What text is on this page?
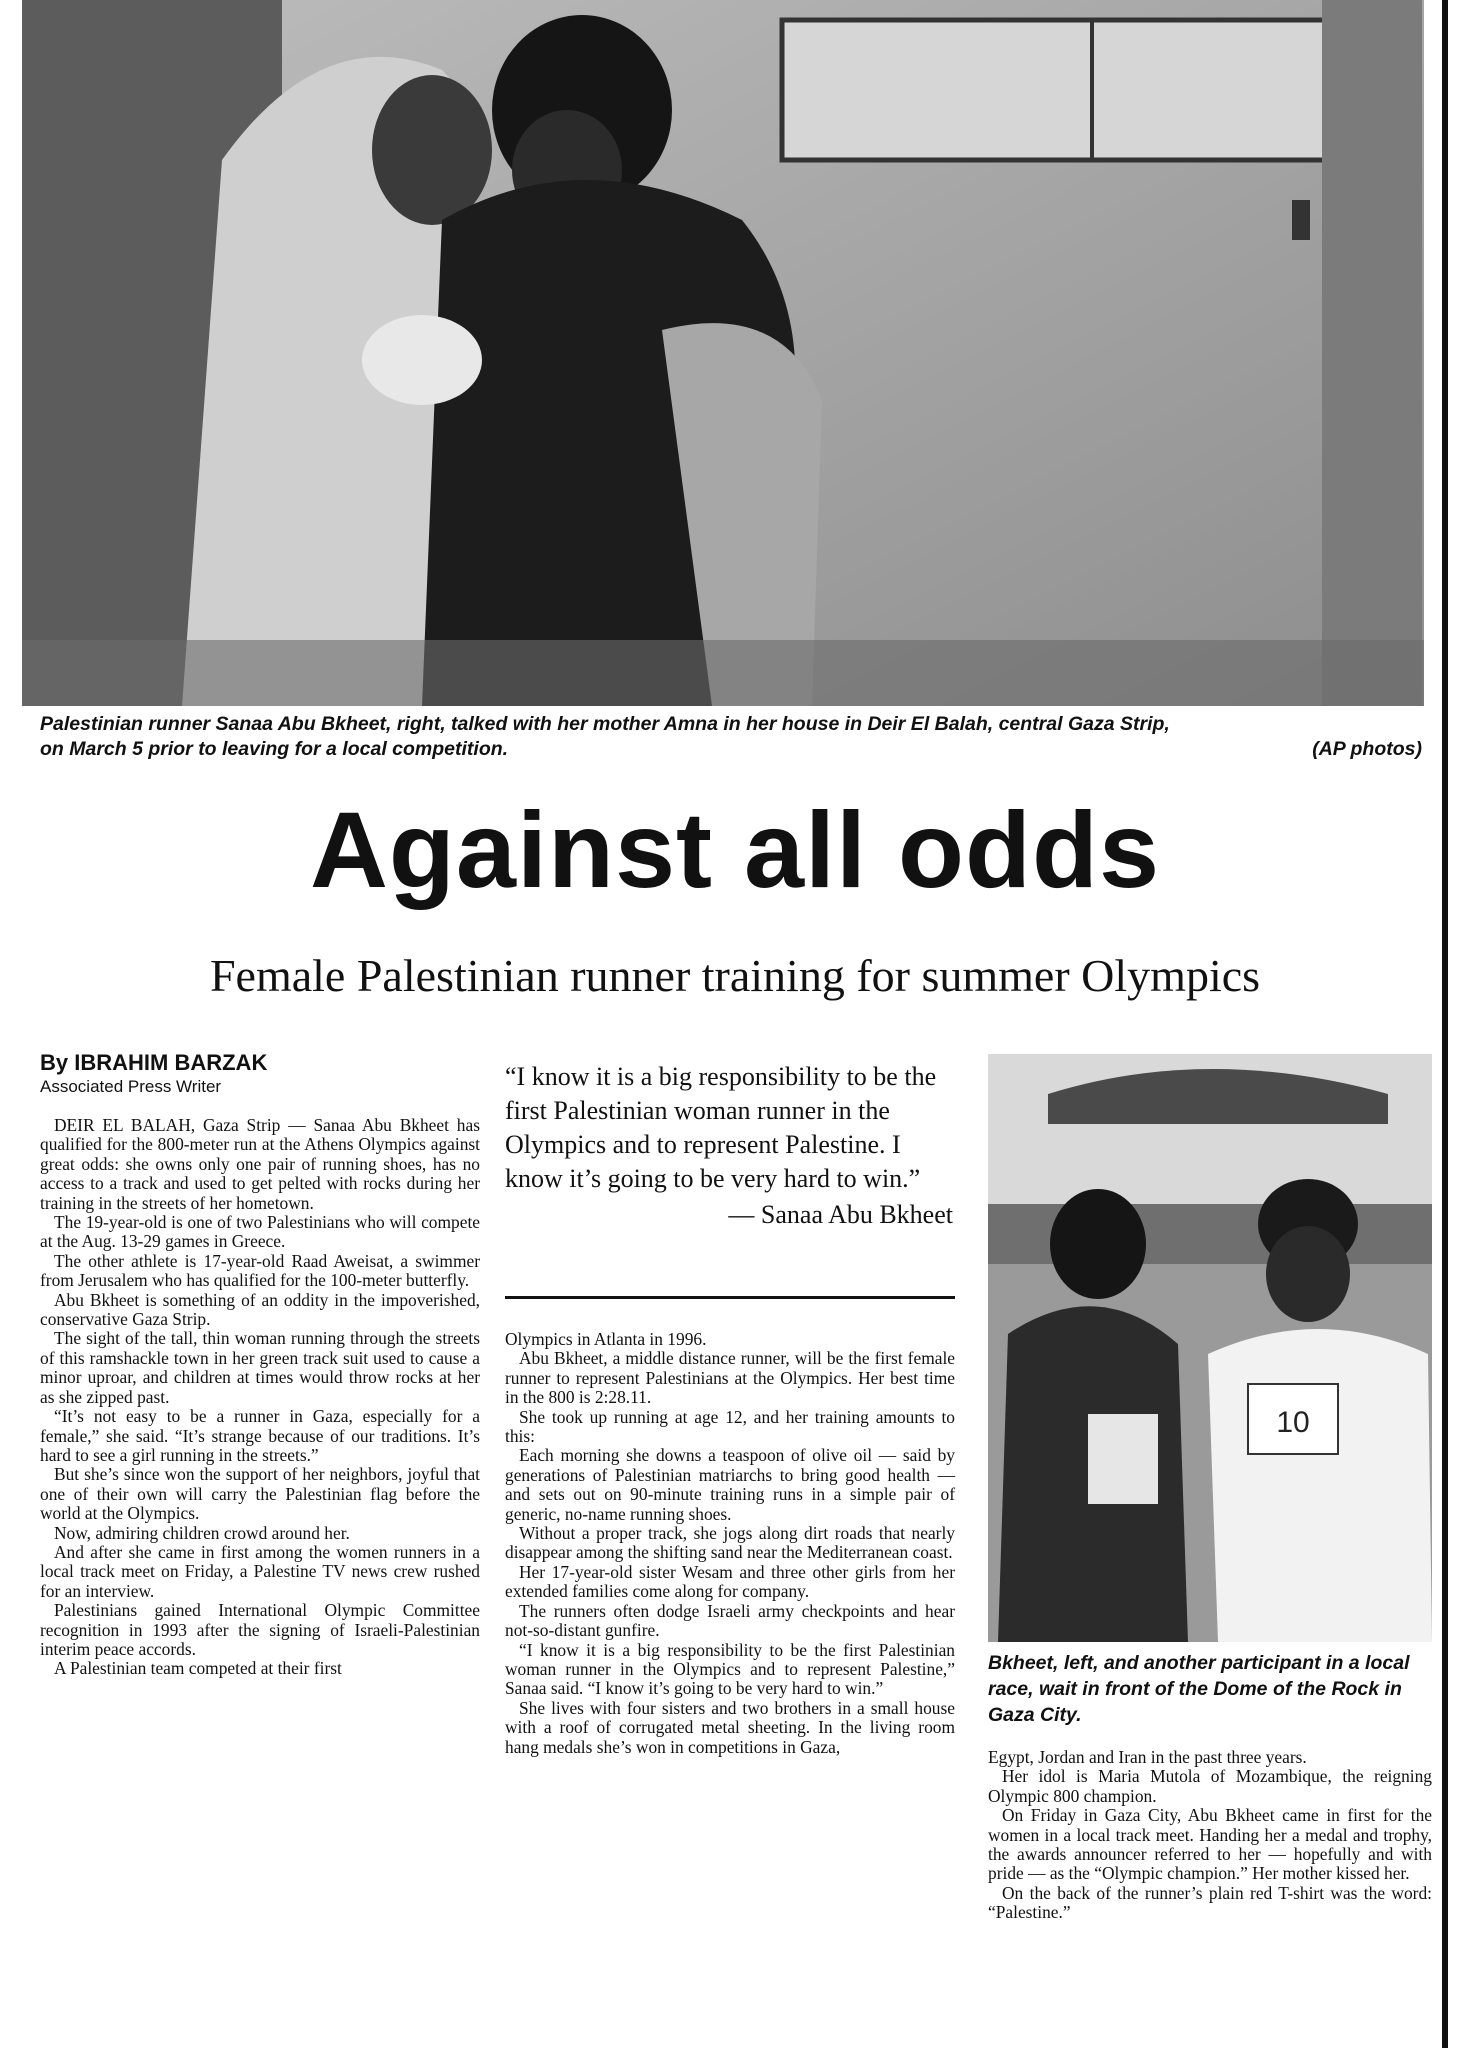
Palestinian runner Sanaa Abu Bkheet, right, talked with her mother Amna in her house in Deir El Balah, central Gaza Strip,
on March 5 prior to leaving for a local competition.	(AP photos)
Against all odds
Female Palestinian runner training for summer Olympics
By IBRAHIM BARZAK
Associated Press Writer

DEIR EL BALAH, Gaza Strip — Sanaa Abu Bkheet has qualified for the 800-meter run at the Athens Olympics against great odds: she owns only one pair of running shoes, has no access to a track and used to get pelted with rocks during her training in the streets of her hometown.

The 19-year-old is one of two Palestinians who will compete at the Aug. 13-29 games in Greece.

The other athlete is 17-year-old Raad Aweisat, a swimmer from Jerusalem who has qualified for the 100-meter butterfly.

Abu Bkheet is something of an oddity in the impoverished, conservative Gaza Strip.

The sight of the tall, thin woman running through the streets of this ramshackle town in her green track suit used to cause a minor uproar, and children at times would throw rocks at her as she zipped past.

“It’s not easy to be a runner in Gaza, especially for a female,” she said. “It’s strange because of our traditions. It’s hard to see a girl running in the streets.”

But she’s since won the support of her neighbors, joyful that one of their own will carry the Palestinian flag before the world at the Olympics.

Now, admiring children crowd around her.

And after she came in first among the women runners in a local track meet on Friday, a Palestine TV news crew rushed for an interview.

Palestinians gained International Olympic Committee recognition in 1993 after the signing of Israeli-Palestinian interim peace accords.

A Palestinian team competed at their first

“I know it is a big responsibility to be the first Palestinian woman runner in the Olympics and to represent Palestine. I know it’s going to be very hard to win.”
— Sanaa Abu Bkheet

Olympics in Atlanta in 1996.

Abu Bkheet, a middle distance runner, will be the first female runner to represent Palestinians at the Olympics. Her best time in the 800 is 2:28.11.

She took up running at age 12, and her training amounts to this:

Each morning she downs a teaspoon of olive oil — said by generations of Palestinian matriarchs to bring good health — and sets out on 90-minute training runs in a simple pair of generic, no-name running shoes.

Without a proper track, she jogs along dirt roads that nearly disappear among the shifting sand near the Mediterranean coast.

Her 17-year-old sister Wesam and three other girls from her extended families come along for company.

The runners often dodge Israeli army checkpoints and hear not-so-distant gunfire.

“I know it is a big responsibility to be the first Palestinian woman runner in the Olympics and to represent Palestine,” Sanaa said. “I know it’s going to be very hard to win.”

She lives with four sisters and two brothers in a small house with a roof of corrugated metal sheeting. In the living room hang medals she’s won in competitions in Gaza,

10
Bkheet, left, and another participant in a local race, wait in front of the Dome of the Rock in Gaza City.

Egypt, Jordan and Iran in the past three years.

Her idol is Maria Mutola of Mozambique, the reigning Olympic 800 champion.

On Friday in Gaza City, Abu Bkheet came in first for the women in a local track meet. Handing her a medal and trophy, the awards announcer referred to her — hopefully and with pride — as the “Olympic champion.” Her mother kissed her.

On the back of the runner’s plain red T-shirt was the word: “Palestine.”
